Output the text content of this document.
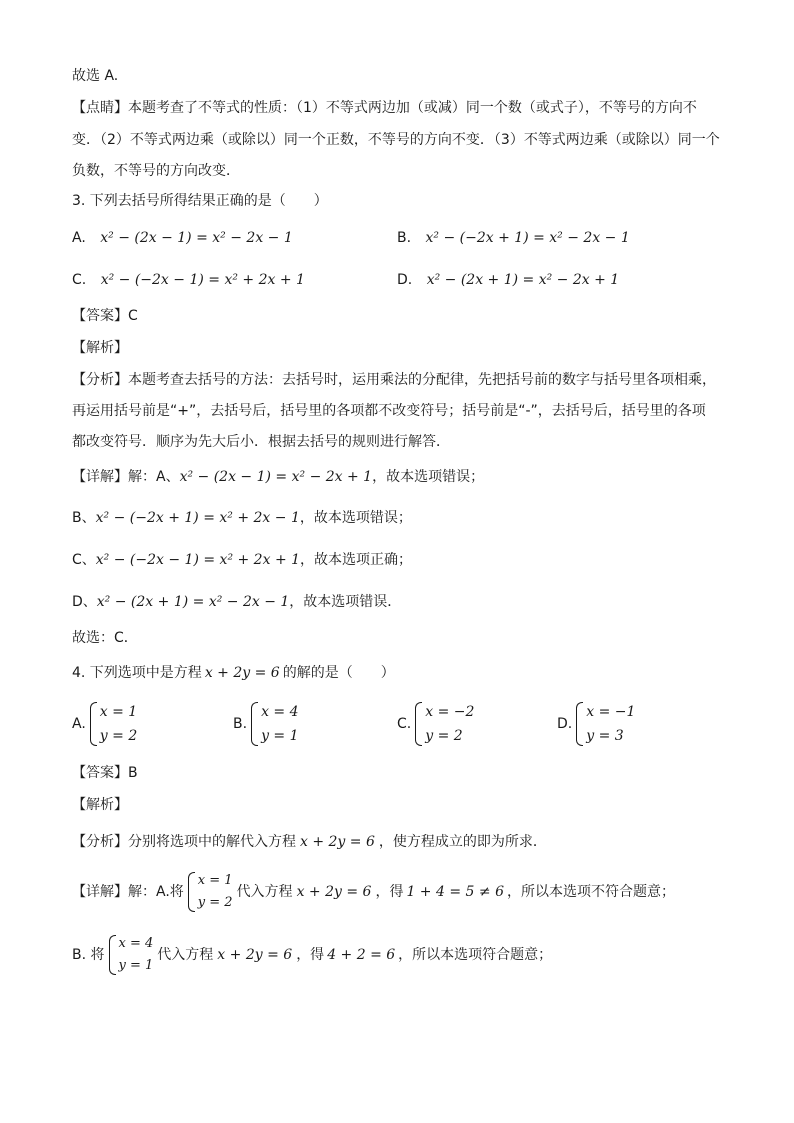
故选 A.
【点睛】本题考查了不等式的性质：（1）不等式两边加（或减）同一个数（或式子），不等号的方向不
变．（2）不等式两边乘（或除以）同一个正数，不等号的方向不变．（3）不等式两边乘（或除以）同一个
负数，不等号的方向改变．
3. 下列去括号所得结果正确的是（　　）
A. x² − (2x − 1) = x² − 2x − 1	B. x² − (−2x + 1) = x² − 2x − 1
C. x² − (−2x − 1) = x² + 2x + 1	D. x² − (2x + 1) = x² − 2x + 1
【答案】C
【解析】
【分析】本题考查去括号的方法：去括号时，运用乘法的分配律，先把括号前的数字与括号里各项相乘，
再运用括号前是“+”，去括号后，括号里的各项都不改变符号；括号前是“-”，去括号后，括号里的各项
都改变符号．顺序为先大后小．根据去括号的规则进行解答．
【详解】解：A、x² − (2x − 1) = x² − 2x + 1，故本选项错误；
B、x² − (−2x + 1) = x² + 2x − 1，故本选项错误；
C、x² − (−2x − 1) = x² + 2x + 1，故本选项正确；
D、x² − (2x + 1) = x² − 2x − 1，故本选项错误．
故选：C．
4. 下列选项中是方程 x + 2y = 6 的解的是（　　）
A.
x = 1
y = 2
B.
x = 4
y = 1
C.
x = −2
y = 2
D.
x = −1
y = 3
【答案】B
【解析】
【分析】分别将选项中的解代入方程 x + 2y = 6 ，使方程成立的即为所求．
【详解】解：A.将
x = 1
y = 2
代入方程 x + 2y = 6 ，得 1 + 4 = 5 ≠ 6 ，所以本选项不符合题意；
B. 将
x = 4
y = 1
代入方程 x + 2y = 6 ，得 4 + 2 = 6 ，所以本选项符合题意；
